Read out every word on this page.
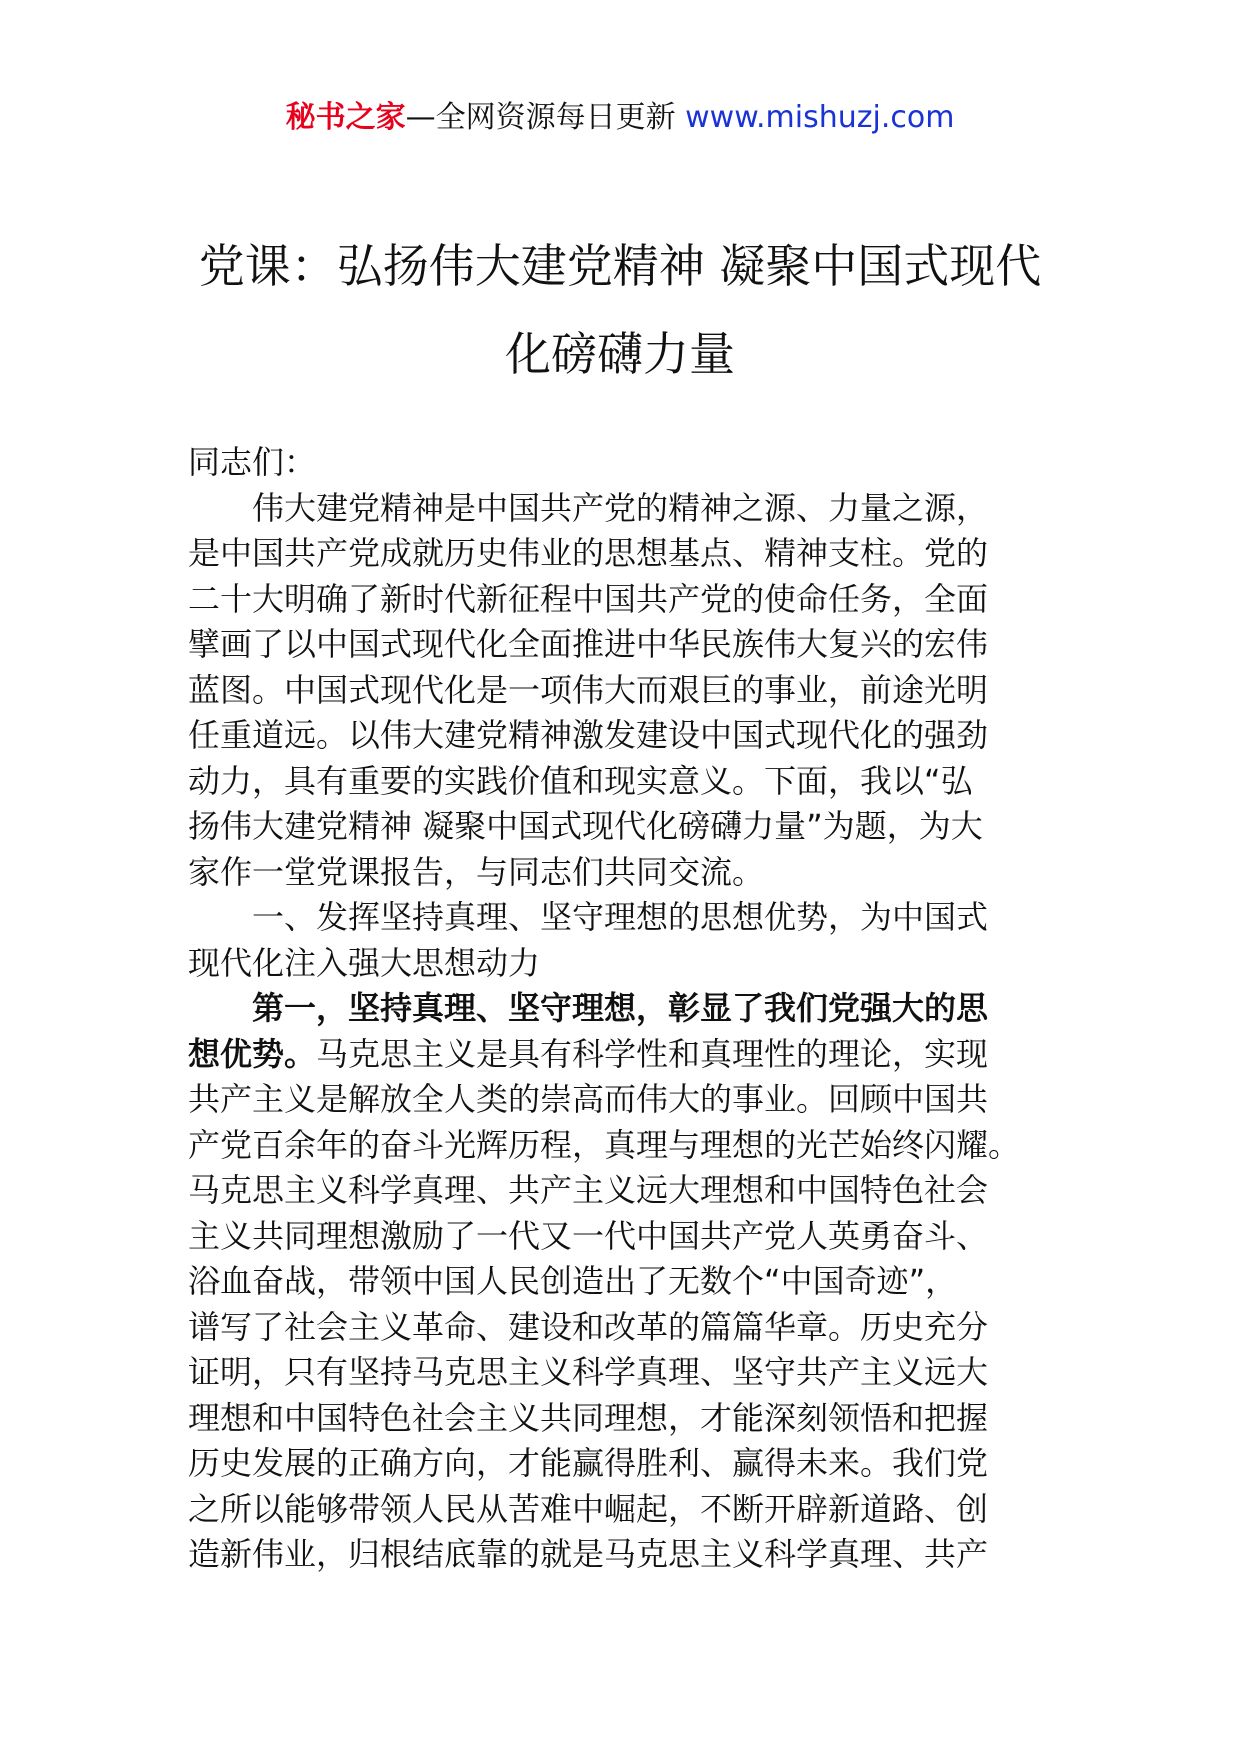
秘书之家—全网资源每日更新 www.mishuzj.com
党课：弘扬伟大建党精神 凝聚中国式现代
化磅礴力量
同志们：
伟大建党精神是中国共产党的精神之源、力量之源，
是中国共产党成就历史伟业的思想基点、精神支柱。党的
二十大明确了新时代新征程中国共产党的使命任务，全面
擘画了以中国式现代化全面推进中华民族伟大复兴的宏伟
蓝图。中国式现代化是一项伟大而艰巨的事业，前途光明
任重道远。以伟大建党精神激发建设中国式现代化的强劲
动力，具有重要的实践价值和现实意义。下面，我以“弘
扬伟大建党精神 凝聚中国式现代化磅礴力量”为题，为大
家作一堂党课报告，与同志们共同交流。
一、发挥坚持真理、坚守理想的思想优势，为中国式
现代化注入强大思想动力
第一，坚持真理、坚守理想，彰显了我们党强大的思
想优势。马克思主义是具有科学性和真理性的理论，实现
共产主义是解放全人类的崇高而伟大的事业。回顾中国共
产党百余年的奋斗光辉历程，真理与理想的光芒始终闪耀。
马克思主义科学真理、共产主义远大理想和中国特色社会
主义共同理想激励了一代又一代中国共产党人英勇奋斗、
浴血奋战，带领中国人民创造出了无数个“中国奇迹”，
谱写了社会主义革命、建设和改革的篇篇华章。历史充分
证明，只有坚持马克思主义科学真理、坚守共产主义远大
理想和中国特色社会主义共同理想，才能深刻领悟和把握
历史发展的正确方向，才能赢得胜利、赢得未来。我们党
之所以能够带领人民从苦难中崛起，不断开辟新道路、创
造新伟业，归根结底靠的就是马克思主义科学真理、共产
